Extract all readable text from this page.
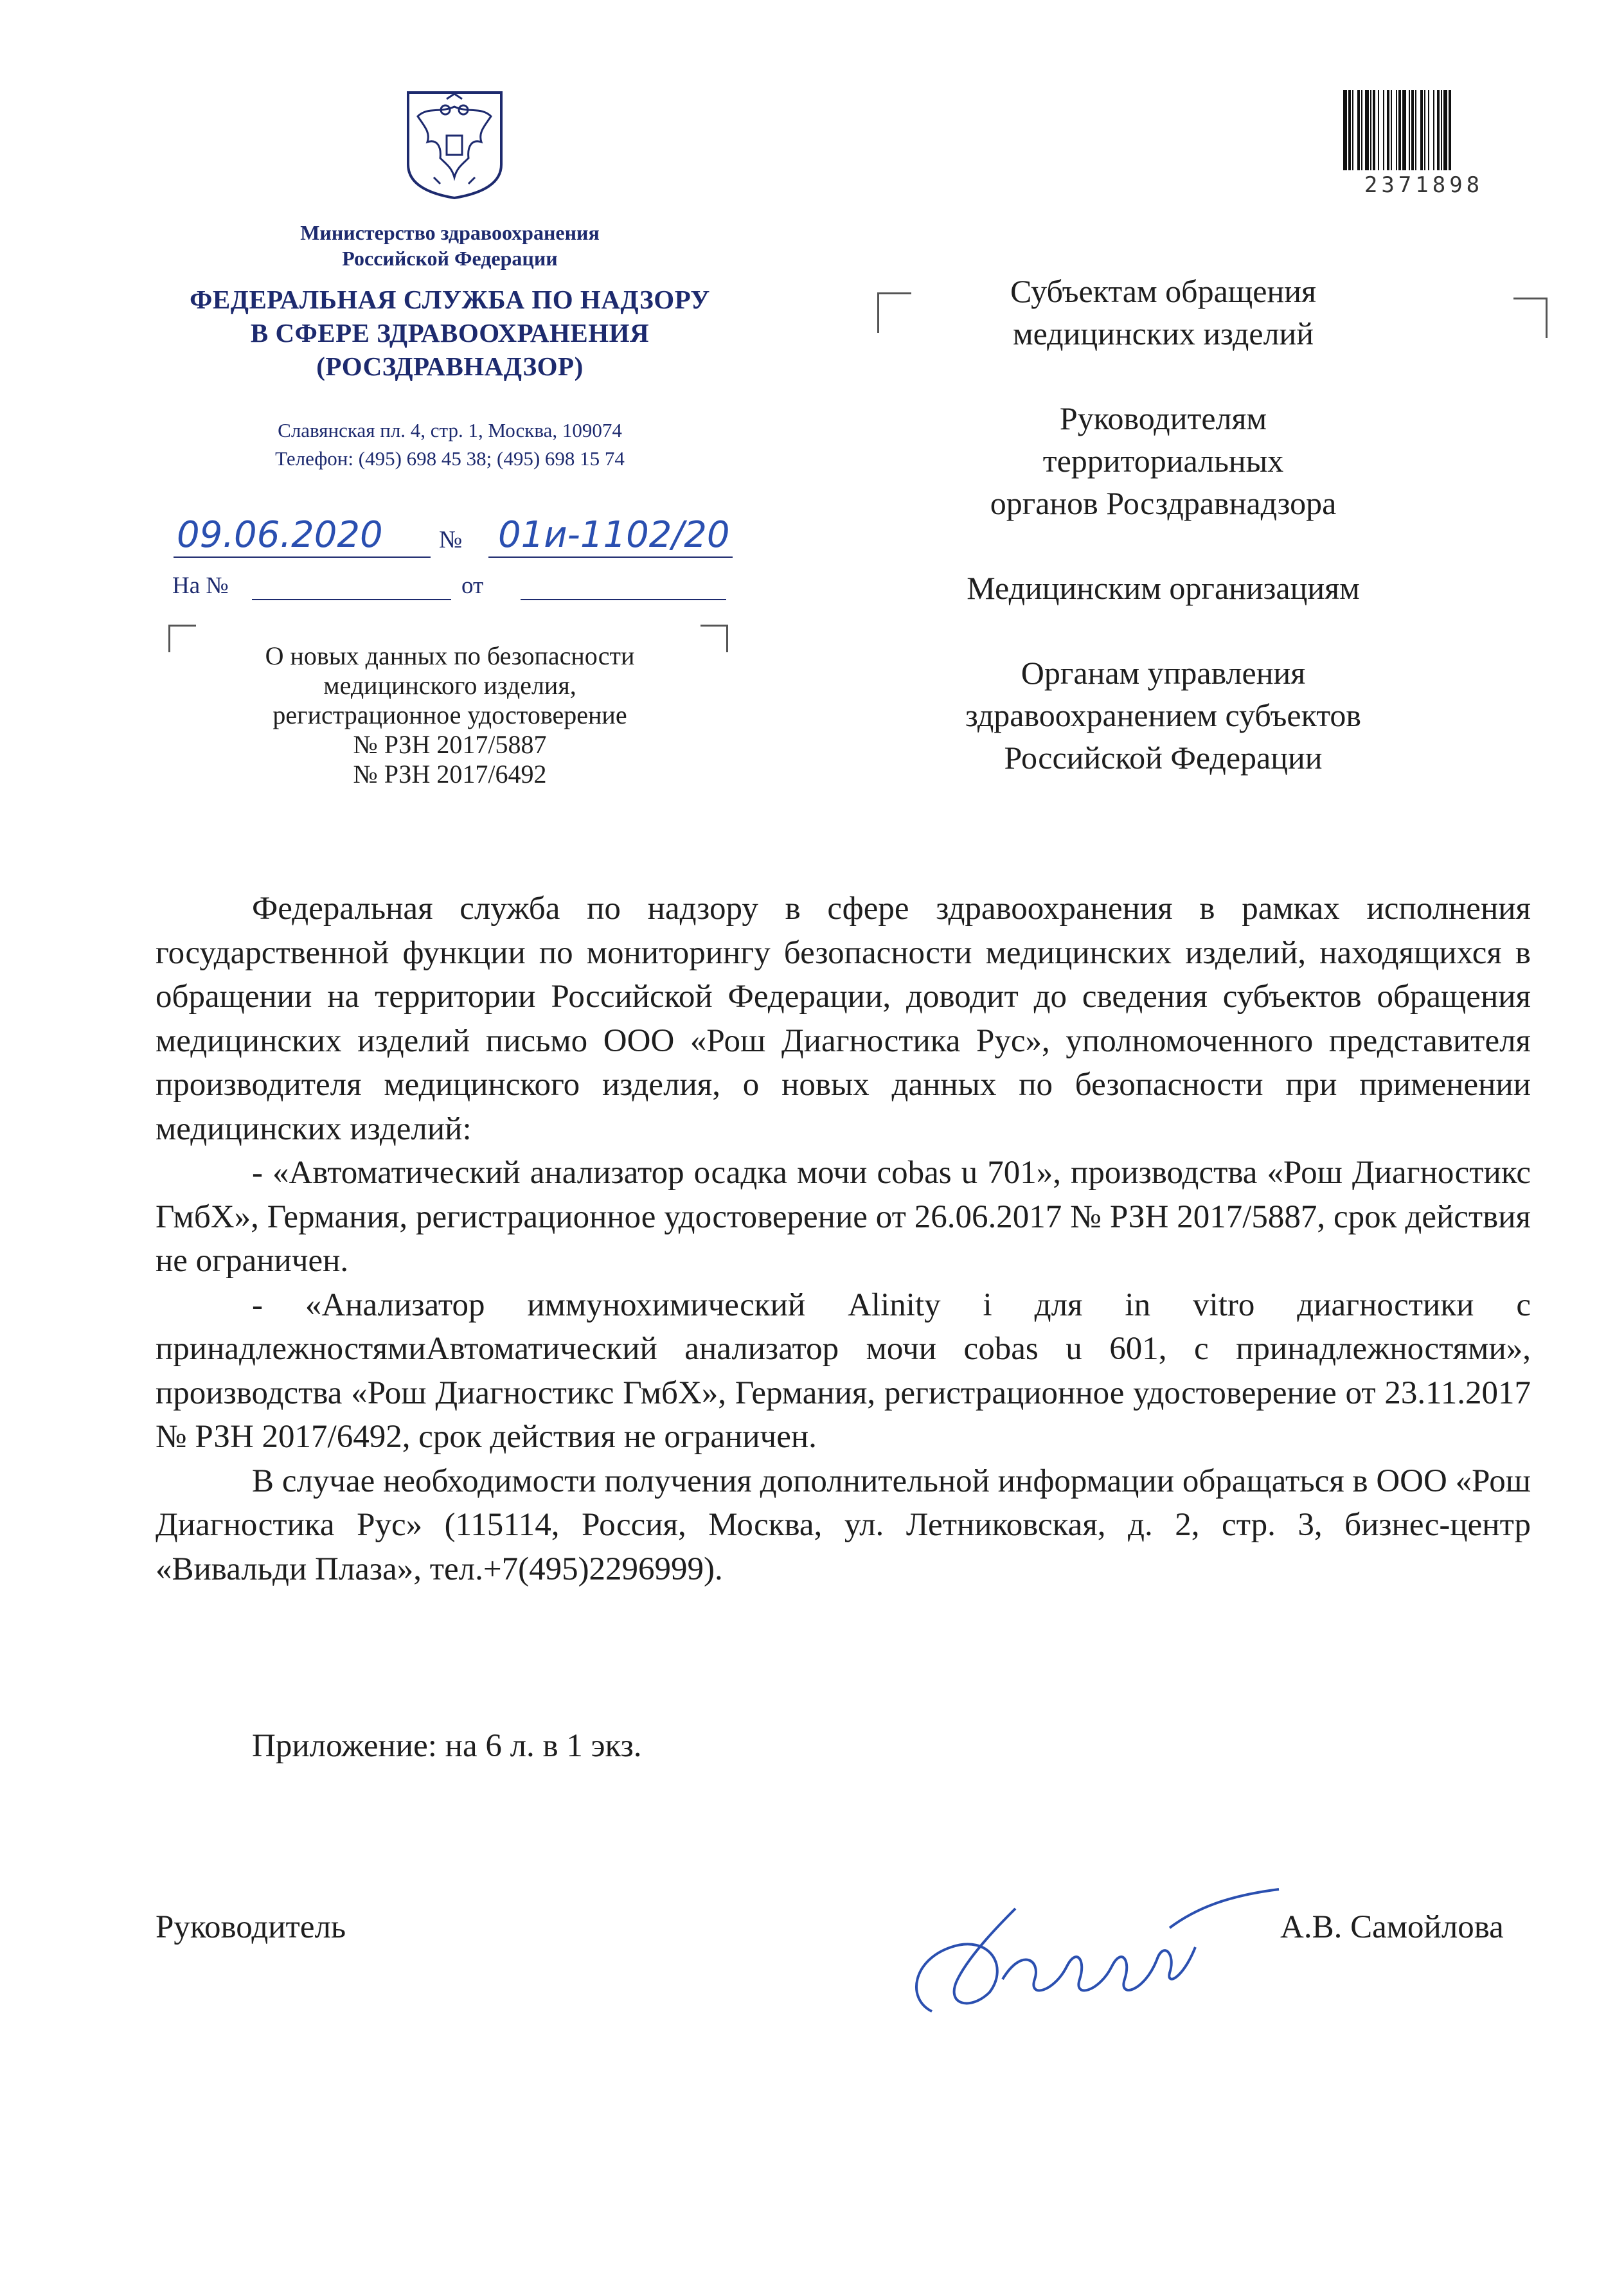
2371898
Министерство здравоохранения
Российской Федерации
ФЕДЕРАЛЬНАЯ СЛУЖБА ПО НАДЗОРУ
В СФЕРЕ ЗДРАВООХРАНЕНИЯ
(РОСЗДРАВНАДЗОР)
Славянская пл. 4, стр. 1, Москва, 109074
Телефон: (495) 698 45 38; (495) 698 15 74
09.06.2020 № 01и-1102/20
На №	от
О новых данных по безопасности
медицинского изделия,
регистрационное удостоверение
№ РЗН 2017/5887
№ РЗН 2017/6492
Субъектам обращения
медицинских изделий
Руководителям
территориальных
органов Росздравнадзора
Медицинским организациям
Органам управления
здравоохранением субъектов
Российской Федерации

Федеральная служба по надзору в сфере здравоохранения в рамках исполнения государственной функции по мониторингу безопасности медицинских изделий, находящихся в обращении на территории Российской Федерации, доводит до сведения субъектов обращения медицинских изделий письмо ООО «Рош Диагностика Рус», уполномоченного представителя производителя медицинского изделия, о новых данных по безопасности при применении медицинских изделий:

- «Автоматический анализатор осадка мочи cobas u 701», производства «Рош Диагностикс ГмбХ», Германия, регистрационное удостоверение от 26.06.2017 № РЗН 2017/5887, срок действия не ограничен.

- «Анализатор иммунохимический Alinity i для in vitro диагностики с принадлежностямиАвтоматический анализатор мочи cobas u 601, с принадлежностями», производства «Рош Диагностикс ГмбХ», Германия, регистрационное удостоверение от 23.11.2017 № РЗН 2017/6492, срок действия не ограничен.

В случае необходимости получения дополнительной информации обращаться в ООО «Рош Диагностика Рус» (115114, Россия, Москва, ул. Летниковская, д. 2, стр. 3, бизнес-центр «Вивальди Плаза», тел.+7(495)2296999).

Приложение: на 6 л. в 1 экз.
Руководитель	А.В. Самойлова
